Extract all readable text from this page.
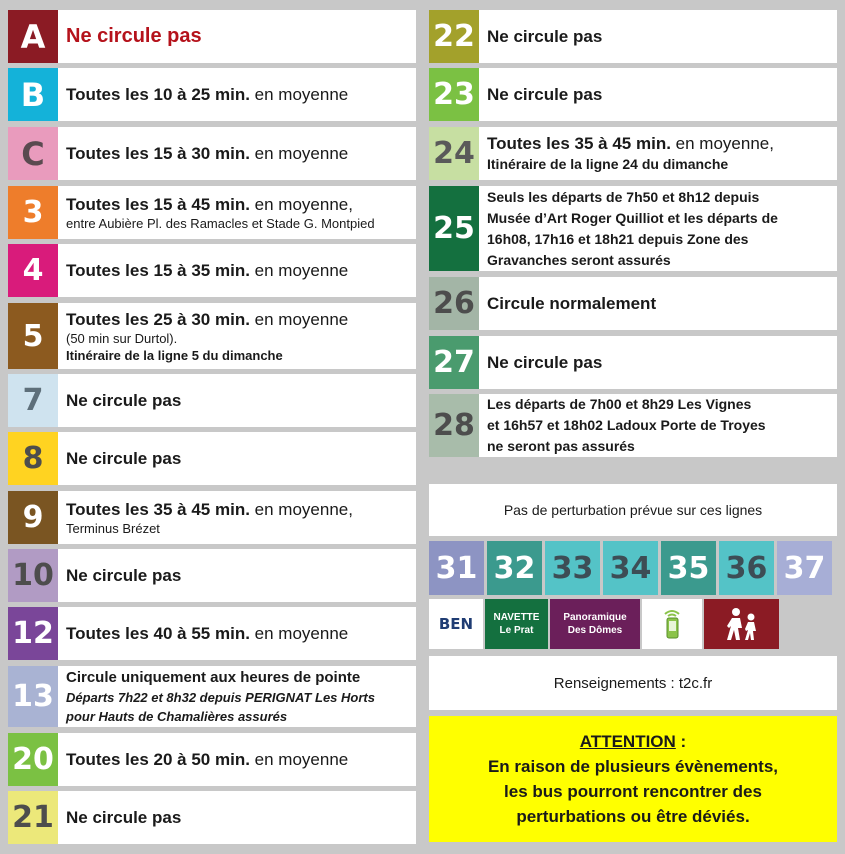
A	Ne circule pas
B	Toutes les 10 à 25 min. en moyenne
C	Toutes les 15 à 30 min. en moyenne
3	Toutes les 15 à 45 min. en moyenne,
entre Aubière Pl. des Ramacles et Stade G. Montpied
4	Toutes les 15 à 35 min. en moyenne
5	Toutes les 25 à 30 min. en moyenne
(50 min sur Durtol).
Itinéraire de la ligne 5 du dimanche
7	Ne circule pas
8	Ne circule pas
9	Toutes les 35 à 45 min. en moyenne,
Terminus Brézet
10 Ne circule pas
12 Toutes les 40 à 55 min. en moyenne
13
Circule uniquement aux heures de pointe
Départs 7h22 et 8h32 depuis PERIGNAT Les Horts
pour Hauts de Chamalières assurés
20 Toutes les 20 à 50 min. en moyenne
21 Ne circule pas
22 Ne circule pas
23 Ne circule pas
24 Toutes les 35 à 45 min. en moyenne,
Itinéraire de la ligne 24 du dimanche
25
Seuls les départs de 7h50 et 8h12 depuis
Musée d’Art Roger Quilliot et les départs de
16h08, 17h16 et 18h21 depuis Zone des
Gravanches seront assurés
26 Circule normalement
27 Ne circule pas
28
Les départs de 7h00 et 8h29 Les Vignes
et 16h57 et 18h02 Ladoux Porte de Troyes
ne seront pas assurés
Pas de perturbation prévue sur ces lignes
31 32 33 34 35 36 37
BEN	NAVETTE
Le Prat
Panoramique
Des Dômes
Renseignements : t2c.fr
ATTENTION :
En raison de plusieurs évènements,
les bus pourront rencontrer des
perturbations ou être déviés.
